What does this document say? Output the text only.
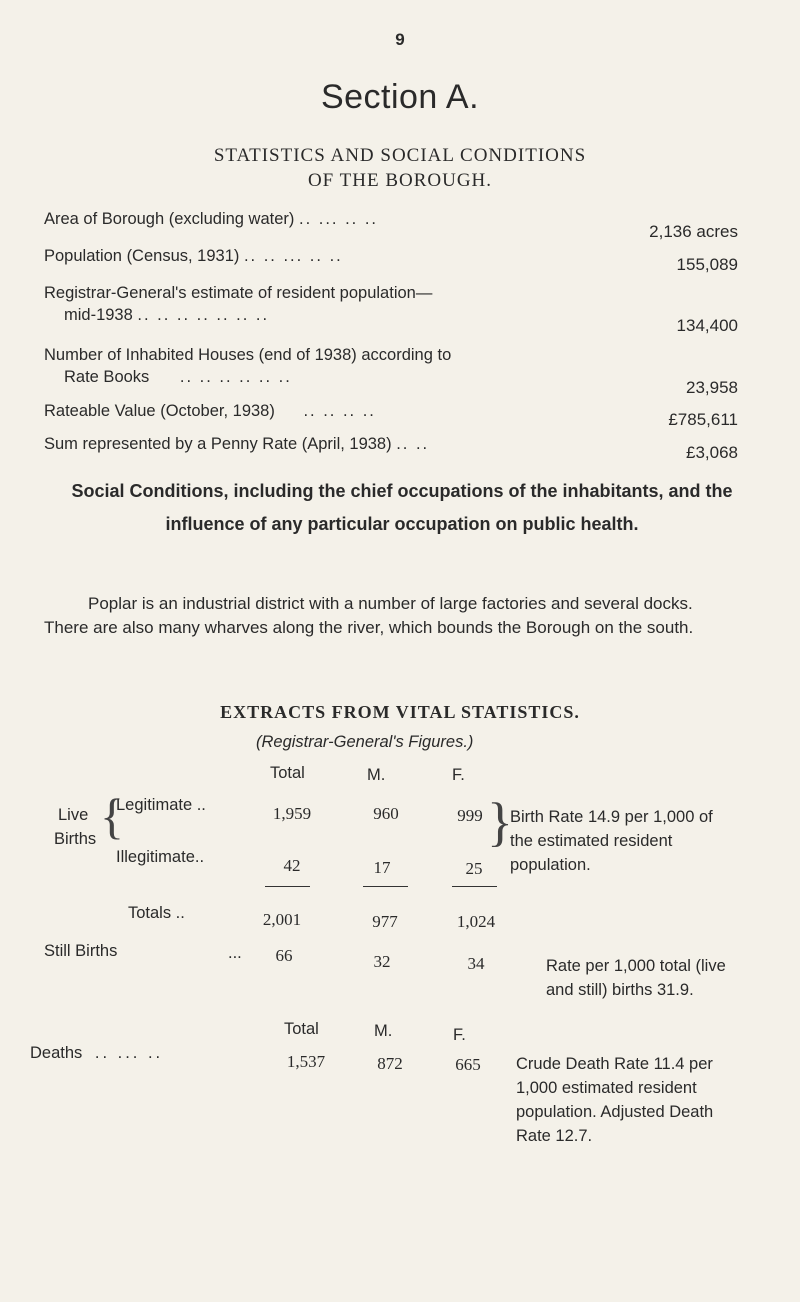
9
Section A.
STATISTICS AND SOCIAL CONDITIONS
OF THE BOROUGH.
Area of Borough (excluding water) .. ... .. ..
2,136 acres
Population (Census, 1931) .. .. ... .. ..	155,089
Registrar-General's estimate of resident population—
mid-1938 .. .. .. .. .. .. ..
134,400
Number of Inhabited Houses (end of 1938) according to
Rate Books .. .. .. .. .. ..
23,958
Rateable Value (October, 1938) .. .. .. ..	£785,611
Sum represented by a Penny Rate (April, 1938) .. ..	£3,068
Social Conditions, including the chief occupations of the inhabitants, and the influence of any particular occupation on public health.
Poplar is an industrial district with a number of large factories and several docks. There are also many wharves along the river, which bounds the Borough on the south.
EXTRACTS FROM VITAL STATISTICS.
(Registrar-General's Figures.)
Total	M.	F.
Live
Births {
Legitimate ..	1,959	960	999
Illegitimate..	42	17	25
}
Birth Rate 14.9 per 1,000 of the estimated resident population.
Totals ..	2,001	977	1,024
Still Births	...	66	32	34	Rate per 1,000 total (live and still) births 31.9.
Total	M.	F.
Deaths .. ... ..	1,537	872	665	Crude Death Rate 11.4 per 1,000 estimated resident population. Adjusted Death Rate 12.7.
